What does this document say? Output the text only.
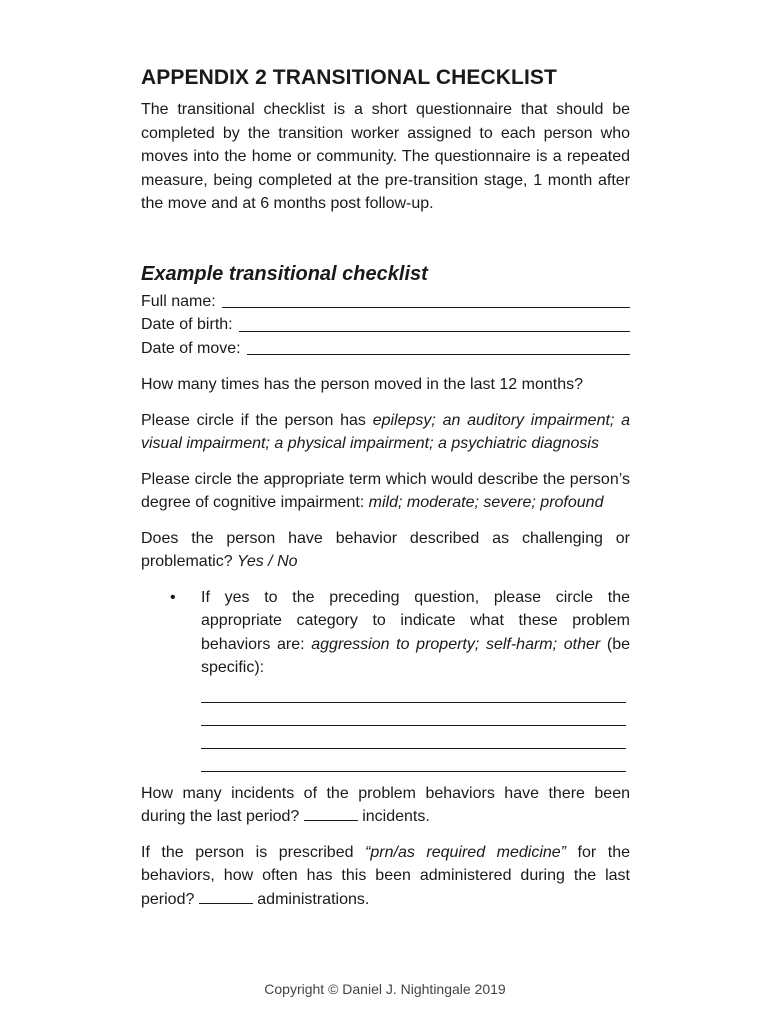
APPENDIX 2 TRANSITIONAL CHECKLIST

The transitional checklist is a short questionnaire that should be completed by the transition worker assigned to each person who moves into the home or community. The questionnaire is a repeated measure, being completed at the pre-transition stage, 1 month after the move and at 6 months post follow-up.

Example transitional checklist
Full name:
Date of birth:
Date of move:

How many times has the person moved in the last 12 months?

Please circle if the person has epilepsy; an auditory impairment; a visual impairment; a physical impairment; a psychiatric diagnosis

Please circle the appropriate term which would describe the person’s degree of cognitive impairment: mild; moderate; severe; profound

Does the person have behavior described as challenging or problematic? Yes / No

•	If yes to the preceding question, please circle the appropriate category to indicate what these problem behaviors are: aggression to property; self-harm; other (be specific):

How many incidents of the problem behaviors have there been during the last period?	incidents.

If the person is prescribed “prn/as required medicine” for the behaviors, how often has this been administered during the last period?	administrations.

Copyright © Daniel J. Nightingale 2019
